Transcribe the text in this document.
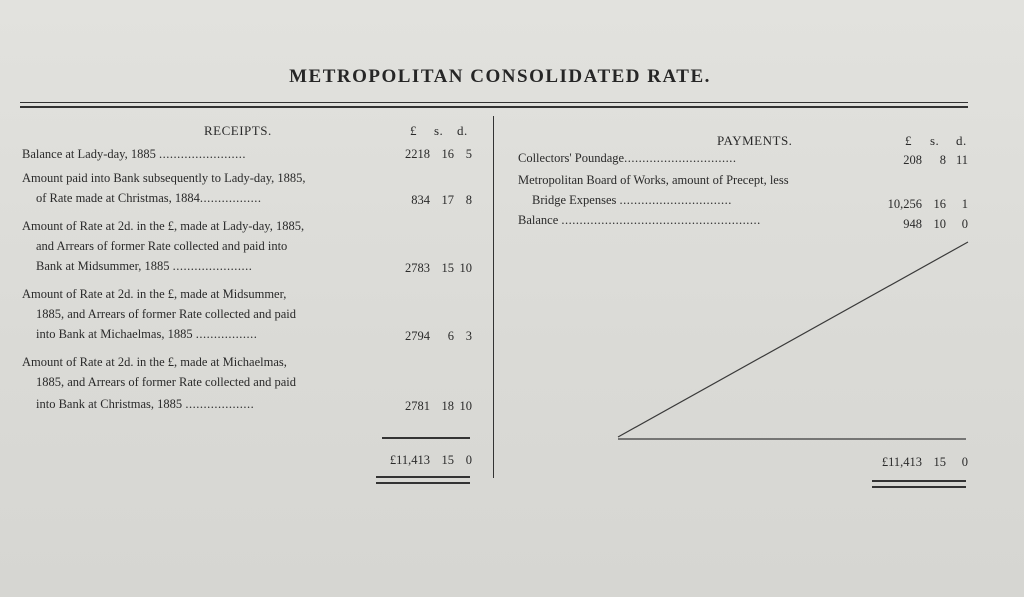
METROPOLITAN CONSOLIDATED RATE.
RECEIPTS.	£ s. d.
Balance at Lady-day, 1885 ........................	2218 16 5
Amount paid into Bank subsequently to Lady-day, 1885,
of Rate made at Christmas, 1884.................	834 17 8
Amount of Rate at 2d. in the £, made at Lady-day, 1885,
and Arrears of former Rate collected and paid into
Bank at Midsummer, 1885 ......................	2783 15 10
Amount of Rate at 2d. in the £, made at Midsummer,
1885, and Arrears of former Rate collected and paid
into Bank at Michaelmas, 1885 .................	2794	6 3
Amount of Rate at 2d. in the £, made at Michaelmas,
1885, and Arrears of former Rate collected and paid
into Bank at Christmas, 1885 ...................	2781 18 10
£11,413 15 0
PAYMENTS.	£ s. d.
Collectors' Poundage...............................	208	8 11
Metropolitan Board of Works, amount of Precept, less
Bridge Expenses ...............................	10,256 16	1
Balance .......................................................	948 10	0
£11,413 15	0
